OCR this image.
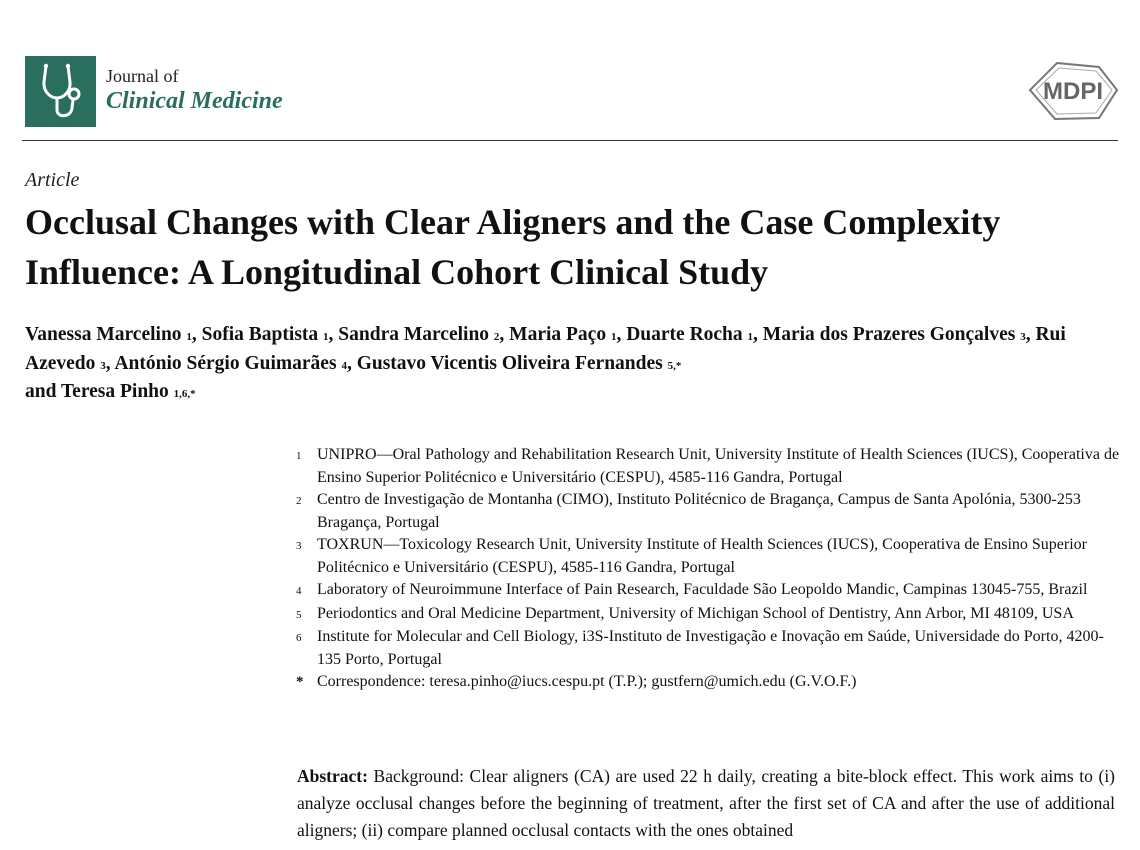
Journal of
Clinical Medicine	MDPI
Article
Occlusal Changes with Clear Aligners and the Case Complexity Influence: A Longitudinal Cohort Clinical Study

Vanessa Marcelino $^1$, Sofia Baptista $^1$, Sandra Marcelino $^2$, Maria Paço $^1$, Duarte Rocha $^1$, Maria dos Prazeres Gonçalves $^3$, Rui Azevedo $^3$, António Sérgio Guimarães $^4$, Gustavo Vicentis Oliveira Fernandes $^{5,*}$
and Teresa Pinho $^{1,6,*}$

1 UNIPRO—Oral Pathology and Rehabilitation Research Unit, University Institute of Health Sciences (IUCS), Cooperativa de Ensino Superior Politécnico e Universitário (CESPU), 4585-116 Gandra, Portugal
2 Centro de Investigação de Montanha (CIMO), Instituto Politécnico de Bragança, Campus de Santa Apolónia, 5300-253 Bragança, Portugal
3 TOXRUN—Toxicology Research Unit, University Institute of Health Sciences (IUCS), Cooperativa de Ensino Superior Politécnico e Universitário (CESPU), 4585-116 Gandra, Portugal
4 Laboratory of Neuroimmune Interface of Pain Research, Faculdade São Leopoldo Mandic, Campinas 13045-755, Brazil
5 Periodontics and Oral Medicine Department, University of Michigan School of Dentistry, Ann Arbor, MI 48109, USA
6 Institute for Molecular and Cell Biology, i3S-Instituto de Investigação e Inovação em Saúde, Universidade do Porto, 4200-135 Porto, Portugal
* Correspondence: teresa.pinho@iucs.cespu.pt (T.P.); gustfern@umich.edu (G.V.O.F.)

Abstract: Background: Clear aligners (CA) are used 22 h daily, creating a bite-block effect. This work aims to (i) analyze occlusal changes before the beginning of treatment, after the first set of CA and after the use of additional aligners; (ii) compare planned occlusal contacts with the ones obtained
